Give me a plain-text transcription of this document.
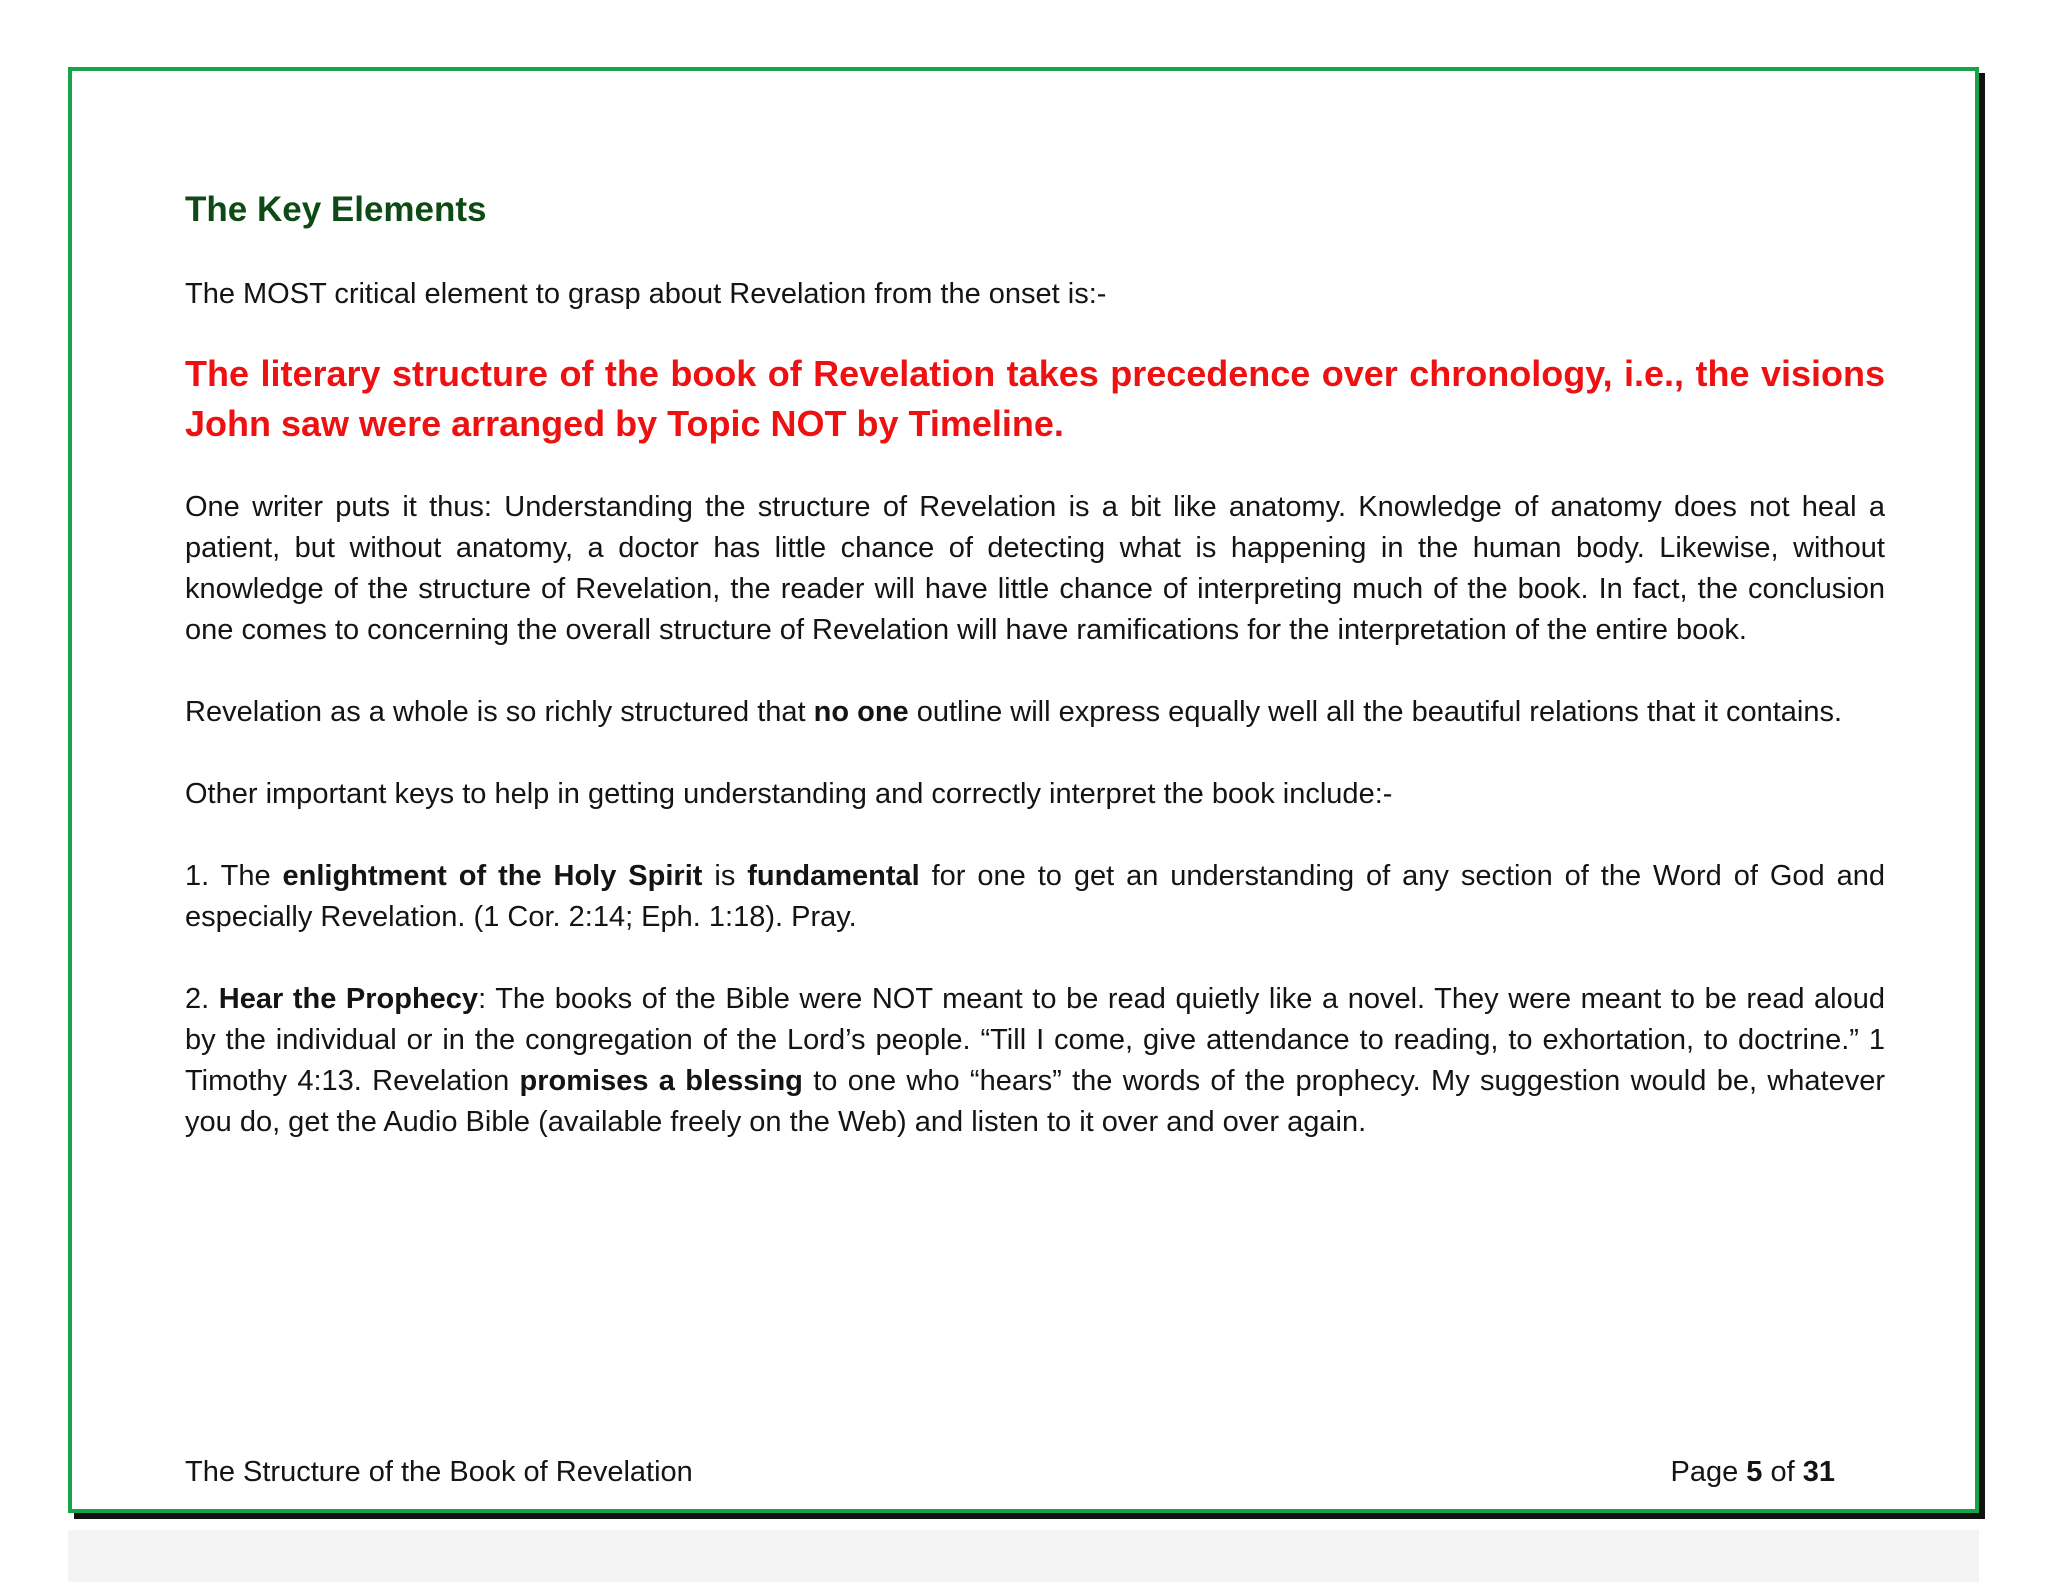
The Key Elements

The MOST critical element to grasp about Revelation from the onset is:-

The literary structure of the book of Revelation takes precedence over chronology, i.e., the visions John saw were arranged by Topic NOT by Timeline.

One writer puts it thus: Understanding the structure of Revelation is a bit like anatomy. Knowledge of anatomy does not heal a patient, but without anatomy, a doctor has little chance of detecting what is happening in the human body. Likewise, without knowledge of the structure of Revelation, the reader will have little chance of interpreting much of the book. In fact, the conclusion one comes to concerning the overall structure of Revelation will have ramifications for the interpretation of the entire book.

Revelation as a whole is so richly structured that no one outline will express equally well all the beautiful relations that it contains.

Other important keys to help in getting understanding and correctly interpret the book include:-

1. The enlightment of the Holy Spirit is fundamental for one to get an understanding of any section of the Word of God and especially Revelation. (1 Cor. 2:14; Eph. 1:18). Pray.

2. Hear the Prophecy: The books of the Bible were NOT meant to be read quietly like a novel. They were meant to be read aloud by the individual or in the congregation of the Lord’s people. “Till I come, give attendance to reading, to exhortation, to doctrine.” 1 Timothy 4:13. Revelation promises a blessing to one who “hears” the words of the prophecy. My suggestion would be, whatever you do, get the Audio Bible (available freely on the Web) and listen to it over and over again.

The Structure of the Book of Revelation	Page 5 of 31
